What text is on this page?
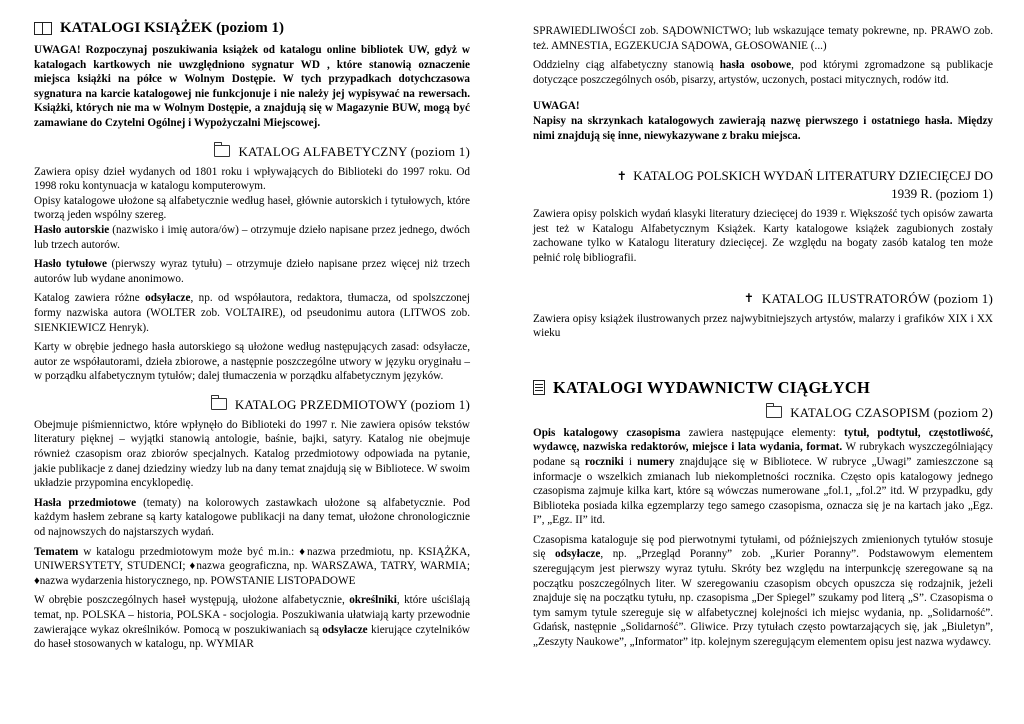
KATALOGI KSIĄŻEK (poziom 1)

UWAGA! Rozpoczynaj poszukiwania książek od katalogu online bibliotek UW, gdyż w katalogach kartkowych nie uwzględniono sygnatur WD , które stanowią oznaczenie miejsca książki na półce w Wolnym Dostępie. W tych przypadkach dotychczasowa sygnatura na karcie katalogowej nie funkcjonuje i nie należy jej wypisywać na rewersach. Książki, których nie ma w Wolnym Dostępie, a znajdują się w Magazynie BUW, mogą być zamawiane do Czytelni Ogólnej i Wypożyczalni Miejscowej.

KATALOG ALFABETYCZNY (poziom 1)

Zawiera opisy dzieł wydanych od 1801 roku i wpływających do Biblioteki do 1997 roku. Od 1998 roku kontynuacja w katalogu komputerowym.

Opisy katalogowe ułożone są alfabetycznie według haseł, głównie autorskich i tytułowych, które tworzą jeden wspólny szereg.

Hasło autorskie (nazwisko i imię autora/ów) – otrzymuje dzieło napisane przez jednego, dwóch lub trzech autorów.

Hasło tytułowe (pierwszy wyraz tytułu) – otrzymuje dzieło napisane przez więcej niż trzech autorów lub wydane anonimowo.

Katalog zawiera różne odsyłacze, np. od współautora, redaktora, tłumacza, od spolszczonej formy nazwiska autora (WOLTER zob. VOLTAIRE), od pseudonimu autora (LITWOS zob. SIENKIEWICZ Henryk).

Karty w obrębie jednego hasła autorskiego są ułożone według następujących zasad: odsyłacze, autor ze współautorami, dzieła zbiorowe, a następnie poszczególne utwory w języku oryginału – w porządku alfabetycznym tytułów; dalej tłumaczenia w porządku alfabetycznym języków.

KATALOG PRZEDMIOTOWY (poziom 1)

Obejmuje piśmiennictwo, które wpłynęło do Biblioteki do 1997 r. Nie zawiera opisów tekstów literatury pięknej – wyjątki stanowią antologie, baśnie, bajki, satyry. Katalog nie obejmuje również czasopism oraz zbiorów specjalnych. Katalog przedmiotowy odpowiada na pytanie, jakie publikacje z danej dziedziny wiedzy lub na dany temat znajdują się w Bibliotece. W swoim układzie przypomina encyklopedię.

Hasła przedmiotowe (tematy) na kolorowych zastawkach ułożone są alfabetycznie. Pod każdym hasłem zebrane są karty katalogowe publikacji na dany temat, ułożone chronologicznie od najnowszych do najstarszych wydań.

Tematem w katalogu przedmiotowym może być m.in.: ♦nazwa przedmiotu, np. KSIĄŻKA, UNIWERSYTETY, STUDENCI; ♦nazwa geograficzna, np. WARSZAWA, TATRY, WARMIA; ♦nazwa wydarzenia historycznego, np. POWSTANIE LISTOPADOWE

W obrębie poszczególnych haseł występują, ułożone alfabetycznie, określniki, które uściślają temat, np. POLSKA – historia, POLSKA - socjologia. Poszukiwania ułatwiają karty przewodnie zawierające wykaz określników. Pomocą w poszukiwaniach są odsyłacze kierujące czytelników do haseł stosowanych w katalogu, np. WYMIAR

SPRAWIEDLIWOŚCI zob. SĄDOWNICTWO; lub wskazujące tematy pokrewne, np. PRAWO zob. też. AMNESTIA, EGZEKUCJA SĄDOWA, GŁOSOWANIE (...)

Oddzielny ciąg alfabetyczny stanowią hasła osobowe, pod którymi zgromadzone są publikacje dotyczące poszczególnych osób, pisarzy, artystów, uczonych, postaci mitycznych, rodów itd.

UWAGA!

Napisy na skrzynkach katalogowych zawierają nazwę pierwszego i ostatniego hasła. Między nimi znajdują się inne, niewykazywane z braku miejsca.

✝ KATALOG POLSKICH WYDAŃ LITERATURY DZIECIĘCEJ DO
1939 R. (poziom 1)

Zawiera opisy polskich wydań klasyki literatury dziecięcej do 1939 r. Większość tych opisów zawarta jest też w Katalogu Alfabetycznym Książek. Karty katalogowe książek zagubionych zostały zachowane tylko w Katalogu literatury dziecięcej. Ze względu na bogaty zasób katalog ten może pełnić rolę bibliografii.

✝ KATALOG ILUSTRATORÓW (poziom 1)

Zawiera opisy książek ilustrowanych przez najwybitniejszych artystów, malarzy i grafików XIX i XX wieku

KATALOGI WYDAWNICTW CIĄGŁYCH
KATALOG CZASOPISM (poziom 2)

Opis katalogowy czasopisma zawiera następujące elementy: tytuł, podtytuł, częstotliwość, wydawcę, nazwiska redaktorów, miejsce i lata wydania, format. W rubrykach wyszczególniający podane są roczniki i numery znajdujące się w Bibliotece. W rubryce „Uwagi” zamieszczone są informacje o wszelkich zmianach lub niekompletności rocznika. Często opis katalogowy jednego czasopisma zajmuje kilka kart, które są wówczas numerowane „fol.1, „fol.2” itd. W przypadku, gdy Biblioteka posiada kilka egzemplarzy tego samego czasopisma, oznacza się je na kartach jako „Egz. I”, „Egz. II” itd.

Czasopisma kataloguje się pod pierwotnymi tytułami, od późniejszych zmienionych tytułów stosuje się odsyłacze, np. „Przegląd Poranny” zob. „Kurier Poranny”. Podstawowym elementem szeregującym jest pierwszy wyraz tytułu. Skróty bez względu na interpunkcję szeregowane są na początku poszczególnych liter. W szeregowaniu czasopism obcych opuszcza się rodzajnik, jeżeli znajduje się na początku tytułu, np. czasopisma „Der Spiegel” szukamy pod literą „S”. Czasopisma o tym samym tytule szereguje się w alfabetycznej kolejności ich miejsc wydania, np. „Solidarność”. Gdańsk, następnie „Solidarność”. Gliwice. Przy tytułach często powtarzających się, jak „Biuletyn”, „Zeszyty Naukowe”, „Informator” itp. kolejnym szeregującym elementem opisu jest nazwa wydawcy.
